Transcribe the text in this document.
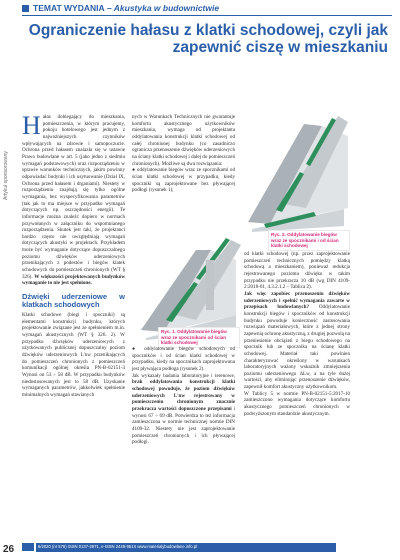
Artykuł sponsorowany
TEMAT WYDANIA – Akustyka w budownictwie
Ograniczenie hałasu z klatki schodowej, czyli jak zapewnić ciszę w mieszkaniu

Hałas dobiegający do mieszkania, pomieszczenia, w którym pracujemy, pokoju hotelowego jest jednym z najważniejszych czynników wpływających na zdrowie i samopoczucie. Ochrona przed hałasem znalazła się w ustawie Prawo budowlane w art. 5 (jako jedno z siedmiu wymagań podstawowych) oraz rozporządzeniu w sprawie warunków technicznych, jakim powinny odpowiadać budynki i ich usytuowanie (Dział IX, Ochrona przed hałasem i drganiami). Niestety w rozporządzeniu znajdują się tylko ogólne wymagania, bez wyspecyfikowania parametrów (tak jak to ma miejsce w przypadku wymagań dotyczących np. oszczędności energii). Te informacje można znaleźć dopiero w normach przywołanych w załączniku do wspomnianego rozporządzenia. Skutek jest taki, że projektanci bardzo często nie uwzględniają wymagań dotyczących akustyki w projektach. Przykładem może być wymaganie dotyczące dopuszczalnego poziomu dźwięków uderzeniowych przenikających z podestów i biegów klatek schodowych do pomieszczeń chronionych (WT § 326). W większości projektowanych budynków wymaganie to nie jest spełnione.

Dźwięki uderzeniowe w klatkach schodowych

Klatki schodowe (biegi i spoczniki) są elementami konstrukcji budynku, których projektowanie związane jest ze spełnieniem m.in. wymagań akustycznych (WT § 326. 2). W przypadku dźwięków uderzeniowych z użytkowanych publicznej dopuszczalny poziom dźwięków uderzeniowych L'nw przenikających do pomieszczeń chronionych z pomieszczeń komunikacji ogólnej określa PN-B-02151-3 Wynosi on 53 ÷ 58 dB. W przypadku budynków niedostosowanych jest to 58 dB. Uzyskanie wymaganych parametrów, jakkolwiek spełnienie minimalnych wymagań stawianych

nych w Warunkach Technicznych nie gwarantuje komfortu akustycznego użytkowników mieszkania, wymaga od projektanta oddylatowania konstrukcji klatki schodowej od całej chronionej budynku (co zasadniczo ogranicza przenoszenie dźwięków uderzeniowych na ściany klatki schodowej i dalej do pomieszczeń chronionych). Możliwe są dwa rozwiązania:

● oddylatowanie biegów wraz ze spocznikami od ścian klatki schodowej w przypadku, kiedy spoczniki są zaprojektowane bez pływającej podłogi (rysunek 1);

Ryc. 2. Oddylatowanie biegów wraz ze spocznikami i od ścian klatki schodowej
Ryc. 1. Oddylatowanie biegów wraz ze spocznikami od ścian klatki schodowej

● oddylatowanie biegów schodowych od spoczników i od ścian klatki schodowej w przypadku, kiedy na spocznikach zaprojektowana jest pływająca podłoga (rysunek 2).

Jak wykazały badania laboratoryjne i terenowe, brak oddylatowania konstrukcji klatki schodowej powoduje, że poziom dźwięków uderzeniowych L'nw rejestrowany w pomieszczeniu chronionym znacznie przekracza wartości dopuszczone przepisami i wynosi 67 ÷ 69 dB. Potwierdza to też informacja zamieszczona w normie technicznej normie DIN 4109-32. Niestety nie jest zaprojektowanie pomieszczeń chronionych i ich pływającej podłogi.

od klatki schodowej (np. przez zaprojektowanie pomieszczeń technicznych pomiędzy klatką schodową a mieszkaniem), ponieważ redukcja rejestrowanego poziomu dźwięku w takim przypadku nie przekracza 10 dB (wg DIN 4109-2:2018-01, 4.3.2.1.2 – Tablica 2).

Jak więc zapobiec przenoszeniu dźwięków uderzeniowych i spełnić wymagania zawarte w przepisach budowlanych? Oddylatowanie konstrukcji biegów i spoczników od konstrukcji budynku powoduje konieczność zastosowania rozwiązań materiałowych, które z jednej strony zapewnią ochronę akustyczną, z drugiej pozwolą na przeniesienie obciążeń z biegu schodowego na spocznik lub ze spocznika na ścianę klatki schodowej. Materiał taki powinien charakteryzować określony w warunkach laboratoryjnych ważony wskaźnik zmniejszenia poziomu uderzeniowego ΔLw, a na tyle dużej wartości, aby eliminując przenoszenie dźwięków, zapewnił komfort akustyczny użytkownikom.

W Tablicy 5 w normie PN-B-02151-5:2017-10 zamieszczono wymagania dotyczące komfortu akustycznego pomieszczeń chronionych w podwyższonym standardzie akustycznym.

26	6/2020 (nr 576) ISSN 0137-2971, e-ISSN 2449-951X www.materialybudowlane.info.pl
